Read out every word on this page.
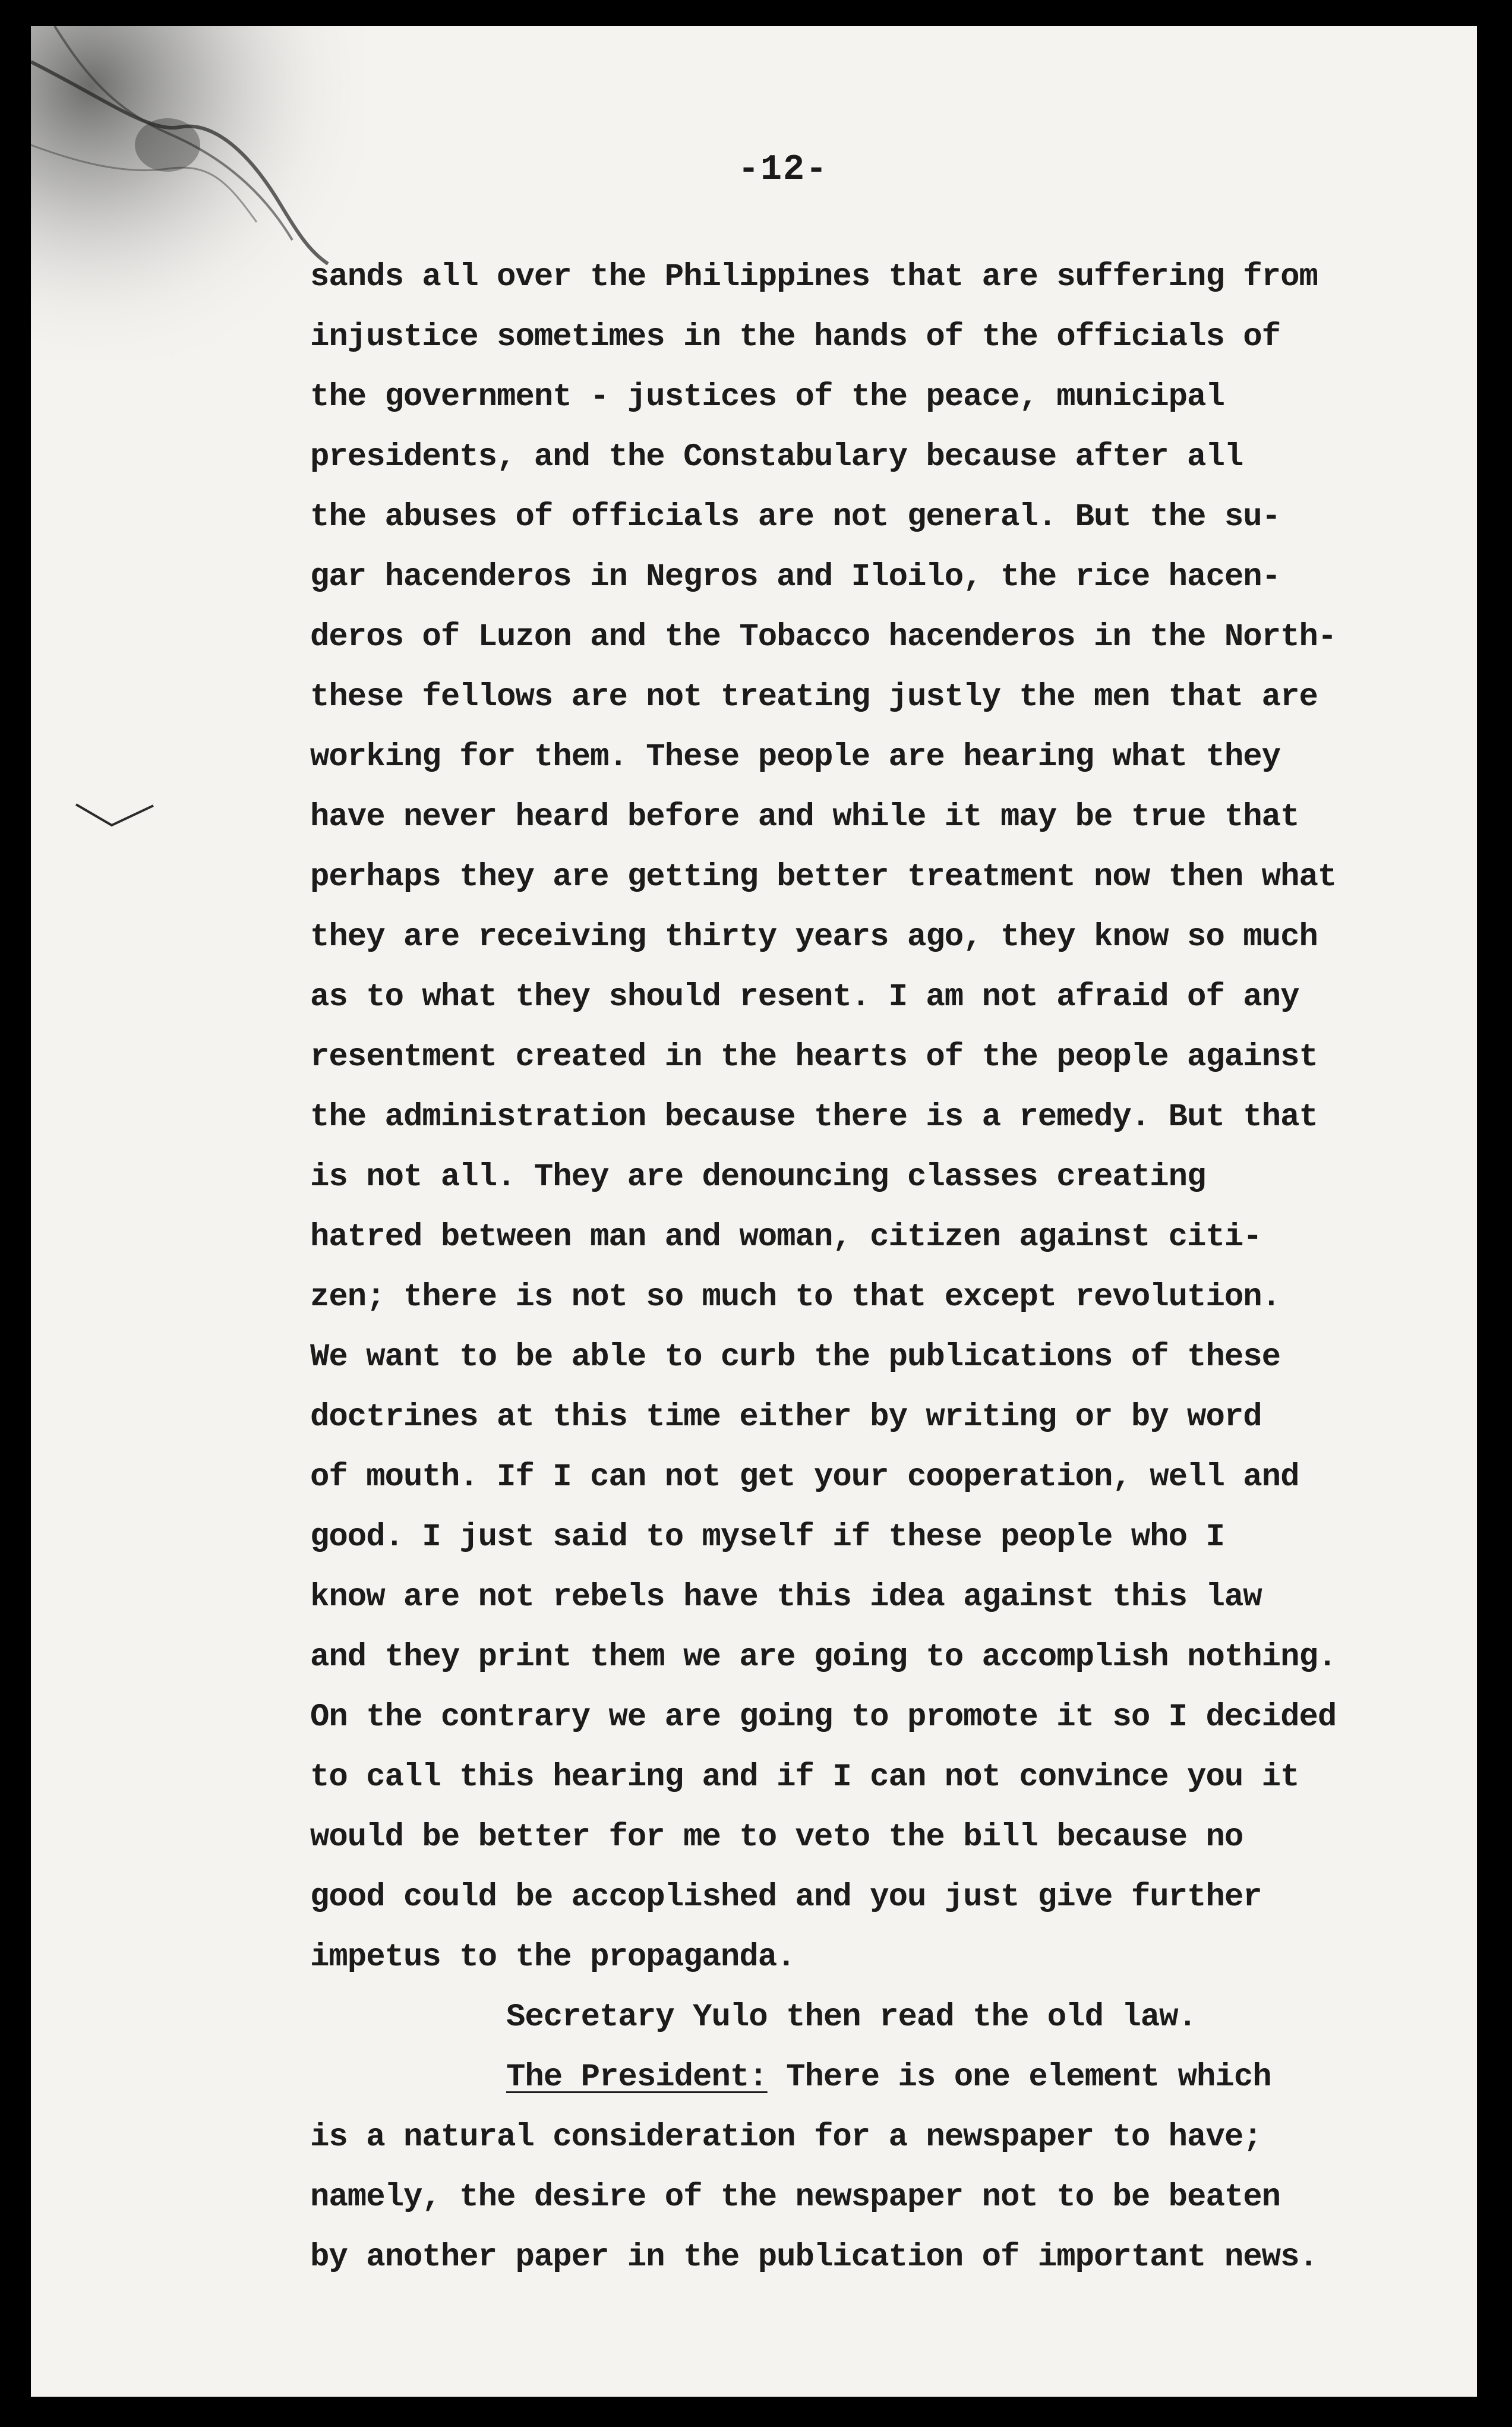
-12-
sands all over the Philippines that are suffering from
injustice sometimes in the hands of the officials of
the government - justices of the peace, municipal
presidents, and the Constabulary because after all
the abuses of officials are not general. But the su-
gar hacenderos in Negros and Iloilo, the rice hacen-
deros of Luzon and the Tobacco hacenderos in the North-
these fellows are not treating justly the men that are
working for them. These people are hearing what they
have never heard before and while it may be true that
perhaps they are getting better treatment now then what
they are receiving thirty years ago, they know so much
as to what they should resent. I am not afraid of any
resentment created in the hearts of the people against
the administration because there is a remedy. But that
is not all. They are denouncing classes creating
hatred between man and woman, citizen against citi-
zen; there is not so much to that except revolution.
We want to be able to curb the publications of these
doctrines at this time either by writing or by word
of mouth. If I can not get your cooperation, well and
good. I just said to myself if these people who I
know are not rebels have this idea against this law
and they print them we are going to accomplish nothing.
On the contrary we are going to promote it so I decided
to call this hearing and if I can not convince you it
would be better for me to veto the bill because no
good could be accoplished and you just give further
impetus to the propaganda.
Secretary Yulo then read the old law.
The President: There is one element which
is a natural consideration for a newspaper to have;
namely, the desire of the newspaper not to be beaten
by another paper in the publication of important news.
